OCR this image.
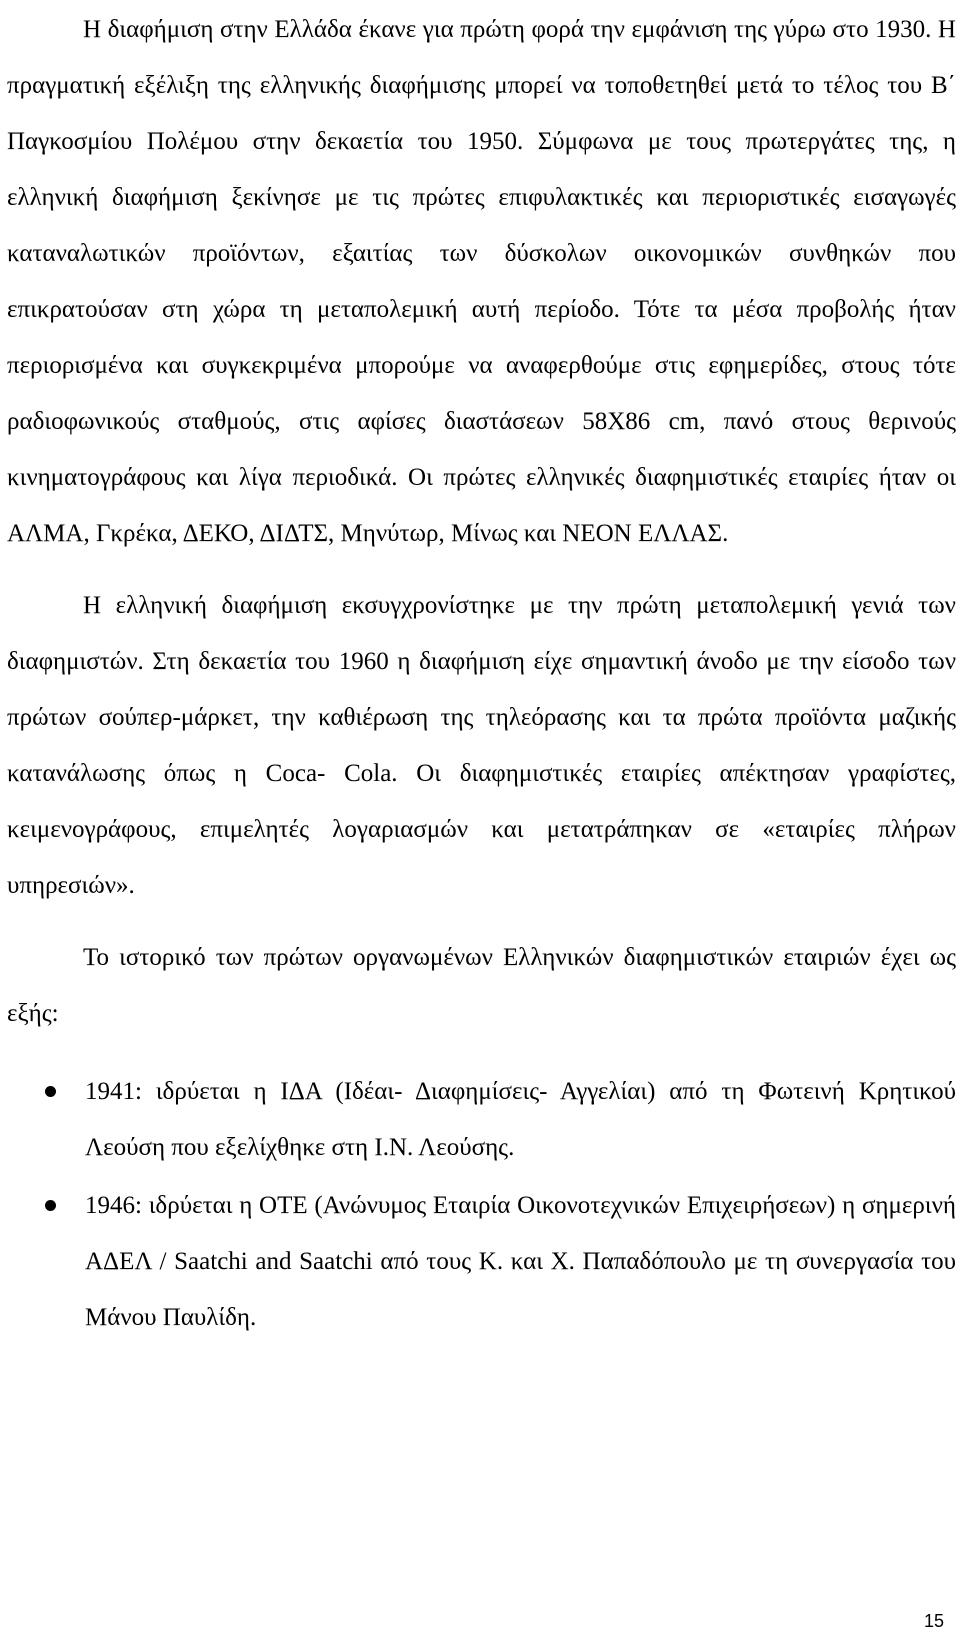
Η διαφήμιση στην Ελλάδα έκανε για πρώτη φορά την εμφάνιση της γύρω στο 1930. Η πραγματική εξέλιξη της ελληνικής διαφήμισης μπορεί να τοποθετηθεί μετά το τέλος του Β΄ Παγκοσμίου Πολέμου στην δεκαετία του 1950. Σύμφωνα με τους πρωτεργάτες της, η ελληνική διαφήμιση ξεκίνησε με τις πρώτες επιφυλακτικές και περιοριστικές εισαγωγές καταναλωτικών προϊόντων, εξαιτίας των δύσκολων οικονομικών συνθηκών που επικρατούσαν στη χώρα τη μεταπολεμική αυτή περίοδο. Τότε τα μέσα προβολής ήταν περιορισμένα και συγκεκριμένα μπορούμε να αναφερθούμε στις εφημερίδες, στους τότε ραδιοφωνικούς σταθμούς, στις αφίσες διαστάσεων 58Χ86 cm, πανό στους θερινούς κινηματογράφους και λίγα περιοδικά. Οι πρώτες ελληνικές διαφημιστικές εταιρίες ήταν οι ΑΛΜΑ, Γκρέκα, ΔΕΚΟ, ΔΙΔΤΣ, Μηνύτωρ, Μίνως και ΝΕΟΝ ΕΛΛΑΣ.

Η ελληνική διαφήμιση εκσυγχρονίστηκε με την πρώτη μεταπολεμική γενιά των διαφημιστών. Στη δεκαετία του 1960 η διαφήμιση είχε σημαντική άνοδο με την είσοδο των πρώτων σούπερ-μάρκετ, την καθιέρωση της τηλεόρασης και τα πρώτα προϊόντα μαζικής κατανάλωσης όπως η Coca- Cola. Οι διαφημιστικές εταιρίες απέκτησαν γραφίστες, κειμενογράφους, επιμελητές λογαριασμών και μετατράπηκαν σε «εταιρίες πλήρων υπηρεσιών».

Το ιστορικό των πρώτων οργανωμένων Ελληνικών διαφημιστικών εταιριών έχει ως εξής:

1941: ιδρύεται η ΙΔΑ (Ιδέαι- Διαφημίσεις- Αγγελίαι) από τη Φωτεινή Κρητικού Λεούση που εξελίχθηκε στη Ι.Ν. Λεούσης.
1946: ιδρύεται η ΟΤΕ (Ανώνυμος Εταιρία Οικονοτεχνικών Επιχειρήσεων) η σημερινή ΑΔΕΛ / Saatchi and Saatchi από τους Κ. και Χ. Παπαδόπουλο με τη συνεργασία του Μάνου Παυλίδη.
15
